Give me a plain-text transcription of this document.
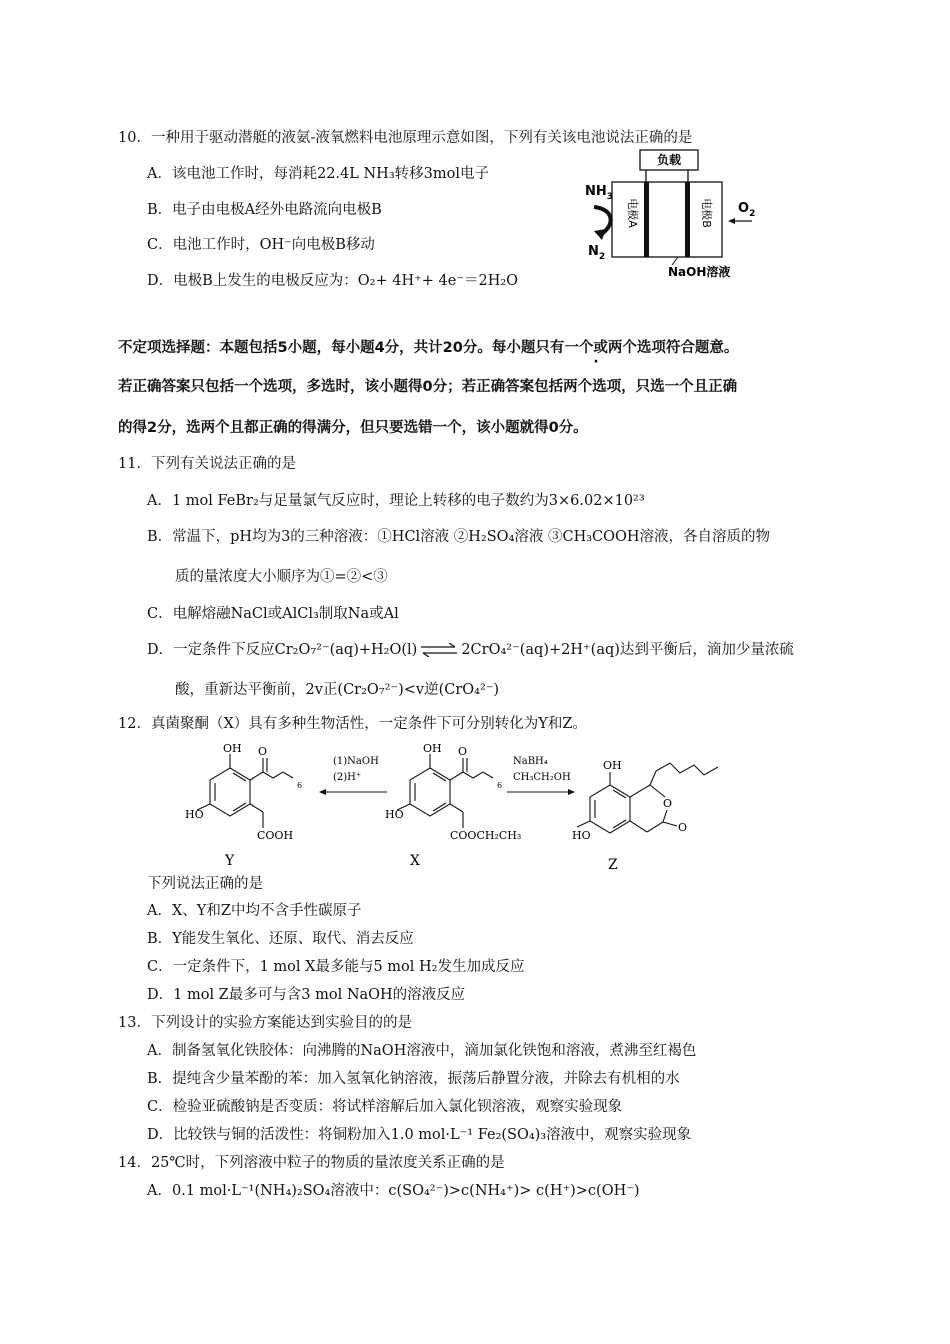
10．一种用于驱动潜艇的液氨-液氧燃料电池原理示意如图，下列有关该电池说法正确的是
A．该电池工作时，每消耗22.4L NH₃转移3mol电子
B．电子由电极A经外电路流向电极B
C．电池工作时，OH⁻向电极B移动
D．电极B上发生的电极反应为：O₂+ 4H⁺+ 4e⁻＝2H₂O
负载
电极A	电极B
$NH_3$
$N_2$
$O_2$
NaOH溶液
不定项选择题：本题包括5小题，每小题4分，共计20分。每小题只有一个或两个 ·选项符合题意。
若正确答案只包括一个选项，多选时，该小题得0分；若正确答案包括两个选项，只选一个且正确
的得2分，选两个且都正确的得满分，但只要选错一个，该小题就得0分。
11．下列有关说法正确的是
A．1 mol FeBr₂与足量氯气反应时，理论上转移的电子数约为3×6.02×10²³
B．常温下，pH均为3的三种溶液：①HCl溶液 ②H₂SO₄溶液 ③CH₃COOH溶液，各自溶质的物
质的量浓度大小顺序为①=②<③
C．电解熔融NaCl或AlCl₃制取Na或Al
D．一定条件下反应Cr₂O₇²⁻(aq)+H₂O(l) ⇌ 2CrO₄²⁻(aq)+2H⁺(aq)达到平衡后，滴加少量浓硫
酸，重新达平衡前，2v正(Cr₂O₇²⁻)<v逆(CrO₄²⁻)
12．真菌聚酮（X）具有多种生物活性，一定条件下可分别转化为Y和Z。
OH
HO
O
6
COOH
(1)NaOH
(2)H⁺
OH
HO
O
6
COOCH₂CH₃
NaBH₄
CH₃CH₂OH
OH
HO
O
O
Y	X	Z
下列说法正确的是
A．X、Y和Z中均不含手性碳原子
B．Y能发生氧化、还原、取代、消去反应
C．一定条件下，1 mol X最多能与5 mol H₂发生加成反应
D．1 mol Z最多可与含3 mol NaOH的溶液反应
13．下列设计的实验方案能达到实验目的的是
A．制备氢氧化铁胶体：向沸腾的NaOH溶液中，滴加氯化铁饱和溶液，煮沸至红褐色
B．提纯含少量苯酚的苯：加入氢氧化钠溶液，振荡后静置分液，并除去有机相的水
C．检验亚硫酸钠是否变质：将试样溶解后加入氯化钡溶液，观察实验现象
D．比较铁与铜的活泼性：将铜粉加入1.0 mol·L⁻¹ Fe₂(SO₄)₃溶液中，观察实验现象
14．25℃时，下列溶液中粒子的物质的量浓度关系正确的是
A．0.1 mol·L⁻¹(NH₄)₂SO₄溶液中：c(SO₄²⁻)>c(NH₄⁺)> c(H⁺)>c(OH⁻)
